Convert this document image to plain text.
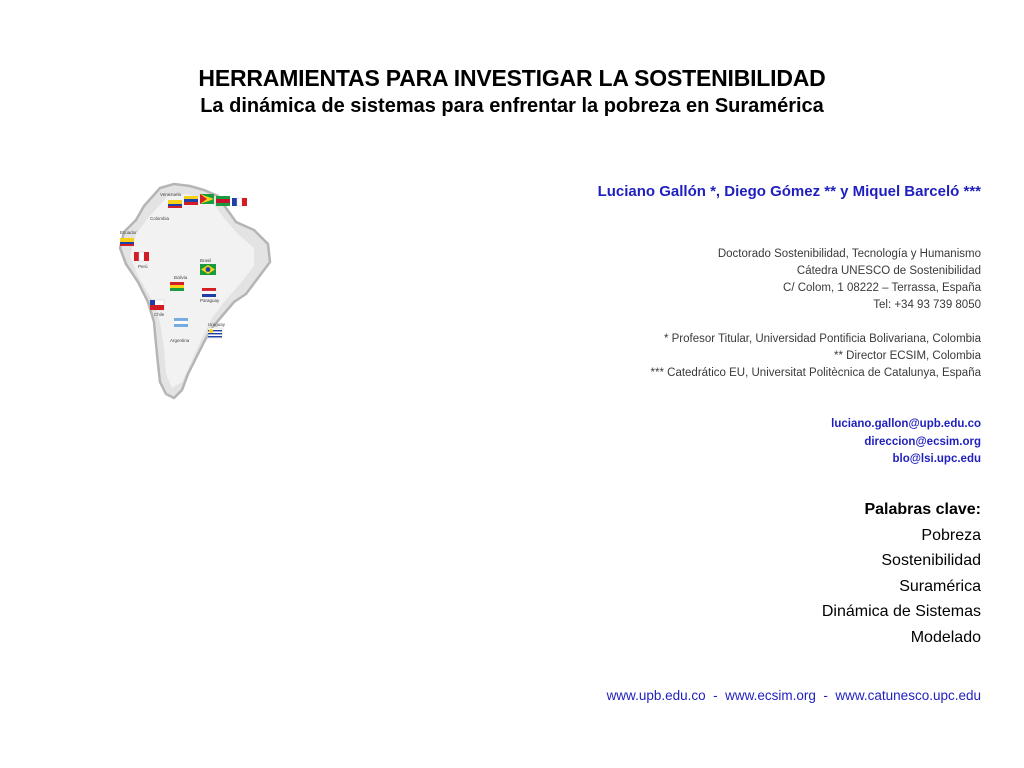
HERRAMIENTAS PARA INVESTIGAR LA SOSTENIBILIDAD
La dinámica de sistemas para enfrentar la pobreza en Suramérica
Venezuela
Colombia
Ecuador
Perú
Brasil
Bolivia
Paraguay
Chile
Argentina
Uruguay
Luciano Gallón *, Diego Gómez ** y Miquel Barceló ***
Doctorado Sostenibilidad, Tecnología y Humanismo
Cátedra UNESCO de Sostenibilidad
C/ Colom, 1 08222 – Terrassa, España
Tel: +34 93 739 8050
* Profesor Titular, Universidad Pontificia Bolivariana, Colombia
** Director ECSIM, Colombia
*** Catedrático EU, Universitat Politècnica de Catalunya, España
luciano.gallon@upb.edu.co
direccion@ecsim.org
blo@lsi.upc.edu
Palabras clave:
Pobreza
Sostenibilidad
Suramérica
Dinámica de Sistemas
Modelado
www.upb.edu.co  -  www.ecsim.org  -  www.catunesco.upc.edu
